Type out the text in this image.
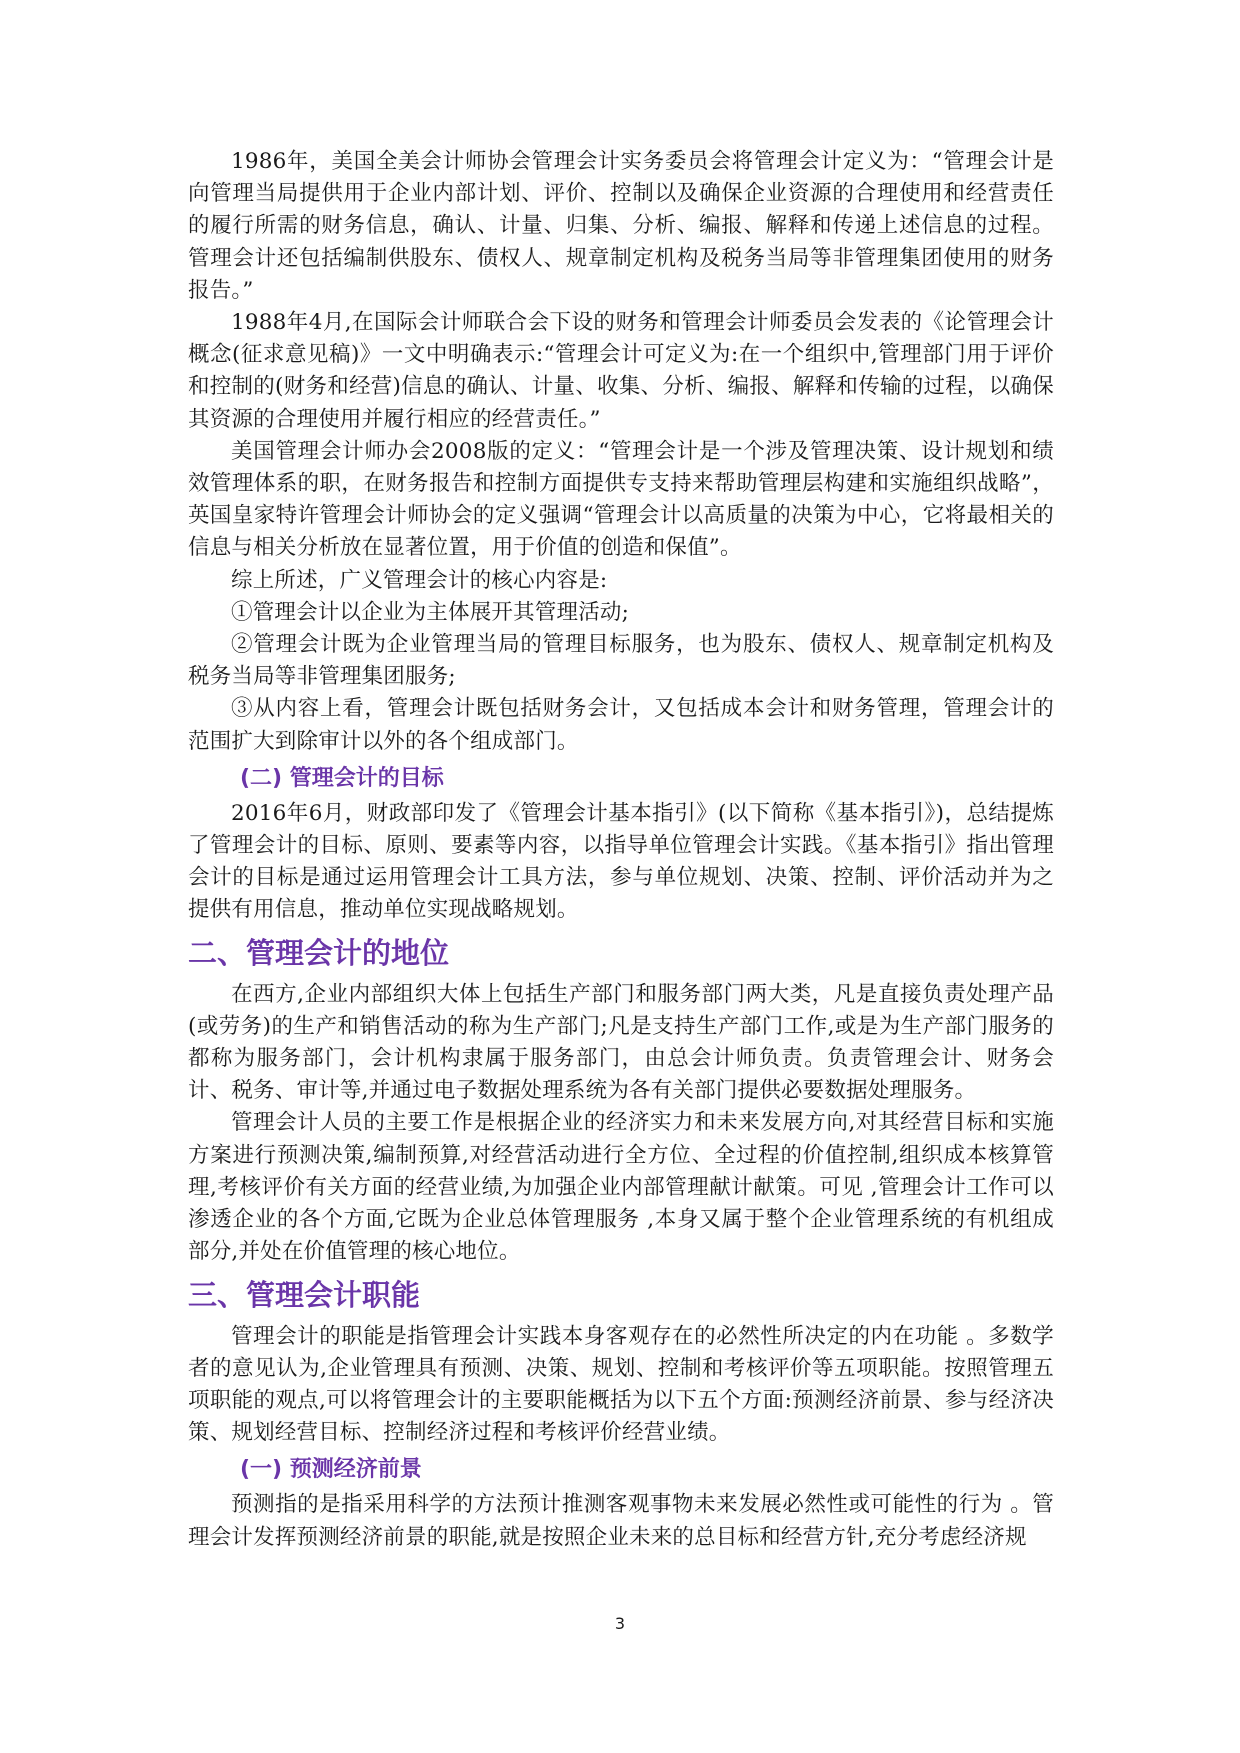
1986年，美国全美会计师协会管理会计实务委员会将管理会计定义为：“管理会计是向管理当局提供用于企业内部计划、评价、控制以及确保企业资源的合理使用和经营责任的履行所需的财务信息，确认、计量、归集、分析、编报、解释和传递上述信息的过程。管理会计还包括编制供股东、债权人、规章制定机构及税务当局等非管理集团使用的财务报告。”

1988年4月,在国际会计师联合会下设的财务和管理会计师委员会发表的《论管理会计概念(征求意见稿)》一文中明确表示:“管理会计可定义为:在一个组织中,管理部门用于评价和控制的(财务和经营)信息的确认、计量、收集、分析、编报、解释和传输的过程，以确保其资源的合理使用并履行相应的经营责任。”

美国管理会计师办会2008版的定义：“管理会计是一个涉及管理决策、设计规划和绩效管理体系的职，在财务报告和控制方面提供专支持来帮助管理层构建和实施组织战略”，英国皇家特许管理会计师协会的定义强调“管理会计以高质量的决策为中心，它将最相关的信息与相关分析放在显著位置，用于价值的创造和保值”。

综上所述，广义管理会计的核心内容是:

①管理会计以企业为主体展开其管理活动;

②管理会计既为企业管理当局的管理目标服务，也为股东、债权人、规章制定机构及税务当局等非管理集团服务;

③从内容上看，管理会计既包括财务会计，又包括成本会计和财务管理，管理会计的范围扩大到除审计以外的各个组成部门。

(二) 管理会计的目标

2016年6月，财政部印发了《管理会计基本指引》(以下简称《基本指引》)，总结提炼了管理会计的目标、原则、要素等内容，以指导单位管理会计实践。《基本指引》指出管理会计的目标是通过运用管理会计工具方法，参与单位规划、决策、控制、评价活动并为之提供有用信息，推动单位实现战略规划。

二、管理会计的地位

在西方,企业内部组织大体上包括生产部门和服务部门两大类，凡是直接负责处理产品(或劳务)的生产和销售活动的称为生产部门;凡是支持生产部门工作,或是为生产部门服务的都称为服务部门，会计机构隶属于服务部门，由总会计师负责。负责管理会计、财务会计、税务、审计等,并通过电子数据处理系统为各有关部门提供必要数据处理服务。

管理会计人员的主要工作是根据企业的经济实力和未来发展方向,对其经营目标和实施方案进行预测决策,编制预算,对经营活动进行全方位、全过程的价值控制,组织成本核算管理,考核评价有关方面的经营业绩,为加强企业内部管理献计献策。可见 ,管理会计工作可以渗透企业的各个方面,它既为企业总体管理服务 ,本身又属于整个企业管理系统的有机组成部分,并处在价值管理的核心地位。

三、管理会计职能

管理会计的职能是指管理会计实践本身客观存在的必然性所决定的内在功能 。多数学者的意见认为,企业管理具有预测、决策、规划、控制和考核评价等五项职能。按照管理五项职能的观点,可以将管理会计的主要职能概括为以下五个方面:预测经济前景、参与经济决策、规划经营目标、控制经济过程和考核评价经营业绩。

(一) 预测经济前景

预测指的是指采用科学的方法预计推测客观事物未来发展必然性或可能性的行为 。管理会计发挥预测经济前景的职能,就是按照企业未来的总目标和经营方针,充分考虑经济规

3
